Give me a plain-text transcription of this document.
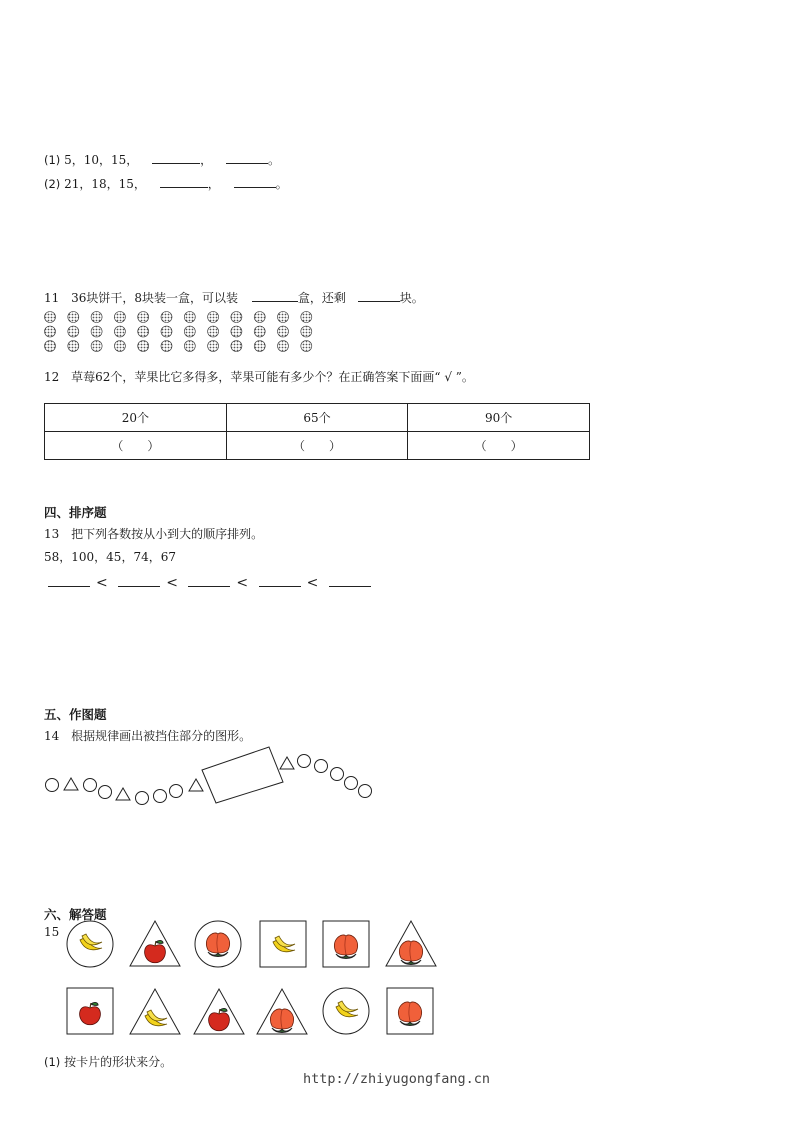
(1) 5，10，15，	，	。
(2) 21，18，15，	，	。
11 36块饼干，8块装一盒，可以装	盒，还剩	块。
12 草莓62个，苹果比它多得多，苹果可能有多少个？在正确答案下面画“ √ ”。
20个	65个	90个
（　　）	（　　）	（　　）
四、排序题
13 把下列各数按从小到大的顺序排列。
58，100，45，74，67
<	<	<	<
五、作图题
14 根据规律画出被挡住部分的图形。
六、解答题
15
(1) 按卡片的形状来分。
http://zhiyugongfang.cn
